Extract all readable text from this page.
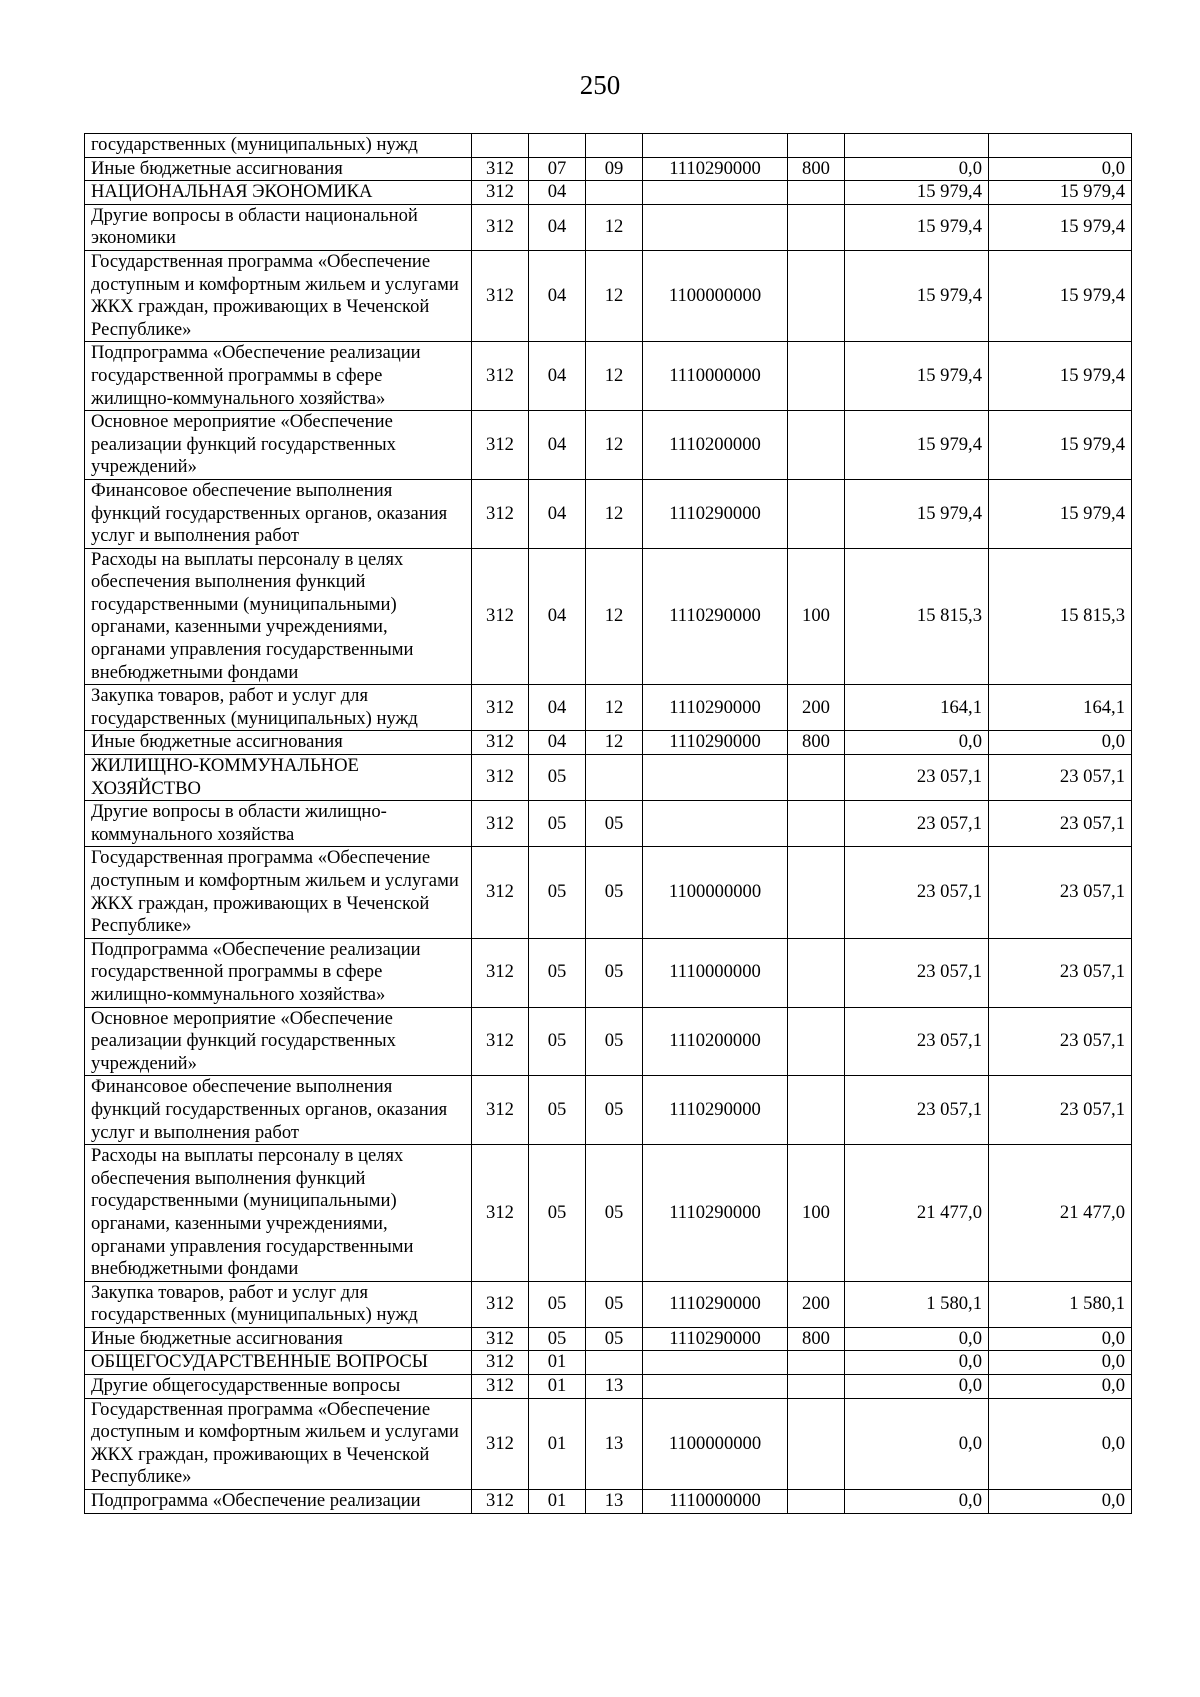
250
государственных (муниципальных) нужд							
Иные бюджетные ассигнования	312	07	09	1110290000	800	0,0	0,0
НАЦИОНАЛЬНАЯ ЭКОНОМИКА	312	04				15 979,4	15 979,4
Другие вопросы в области национальной экономики	312	04	12			15 979,4	15 979,4
Государственная программа «Обеспечение доступным и комфортным жильем и услугами ЖКХ граждан, проживающих в Чеченской Республике»	312	04	12	1100000000		15 979,4	15 979,4
Подпрограмма «Обеспечение реализации государственной программы в сфере жилищно-коммунального хозяйства»	312	04	12	1110000000		15 979,4	15 979,4
Основное мероприятие «Обеспечение реализации функций государственных учреждений»	312	04	12	1110200000		15 979,4	15 979,4
Финансовое обеспечение выполнения функций государственных органов, оказания услуг и выполнения работ	312	04	12	1110290000		15 979,4	15 979,4
Расходы на выплаты персоналу в целях обеспечения выполнения функций государственными (муниципальными) органами, казенными учреждениями, органами управления государственными внебюджетными фондами	312	04	12	1110290000	100	15 815,3	15 815,3
Закупка товаров, работ и услуг для государственных (муниципальных) нужд	312	04	12	1110290000	200	164,1	164,1
Иные бюджетные ассигнования	312	04	12	1110290000	800	0,0	0,0
ЖИЛИЩНО-КОММУНАЛЬНОЕ ХОЗЯЙСТВО	312	05				23 057,1	23 057,1
Другие вопросы в области жилищно-коммунального хозяйства	312	05	05			23 057,1	23 057,1
Государственная программа «Обеспечение доступным и комфортным жильем и услугами ЖКХ граждан, проживающих в Чеченской Республике»	312	05	05	1100000000		23 057,1	23 057,1
Подпрограмма «Обеспечение реализации государственной программы в сфере жилищно-коммунального хозяйства»	312	05	05	1110000000		23 057,1	23 057,1
Основное мероприятие «Обеспечение реализации функций государственных учреждений»	312	05	05	1110200000		23 057,1	23 057,1
Финансовое обеспечение выполнения функций государственных органов, оказания услуг и выполнения работ	312	05	05	1110290000		23 057,1	23 057,1
Расходы на выплаты персоналу в целях обеспечения выполнения функций государственными (муниципальными) органами, казенными учреждениями, органами управления государственными внебюджетными фондами	312	05	05	1110290000	100	21 477,0	21 477,0
Закупка товаров, работ и услуг для государственных (муниципальных) нужд	312	05	05	1110290000	200	1 580,1	1 580,1
Иные бюджетные ассигнования	312	05	05	1110290000	800	0,0	0,0
ОБЩЕГОСУДАРСТВЕННЫЕ ВОПРОСЫ	312	01				0,0	0,0
Другие общегосударственные вопросы	312	01	13			0,0	0,0
Государственная программа «Обеспечение доступным и комфортным жильем и услугами ЖКХ граждан, проживающих в Чеченской Республике»	312	01	13	1100000000		0,0	0,0
Подпрограмма «Обеспечение реализации	312	01	13	1110000000		0,0	0,0
